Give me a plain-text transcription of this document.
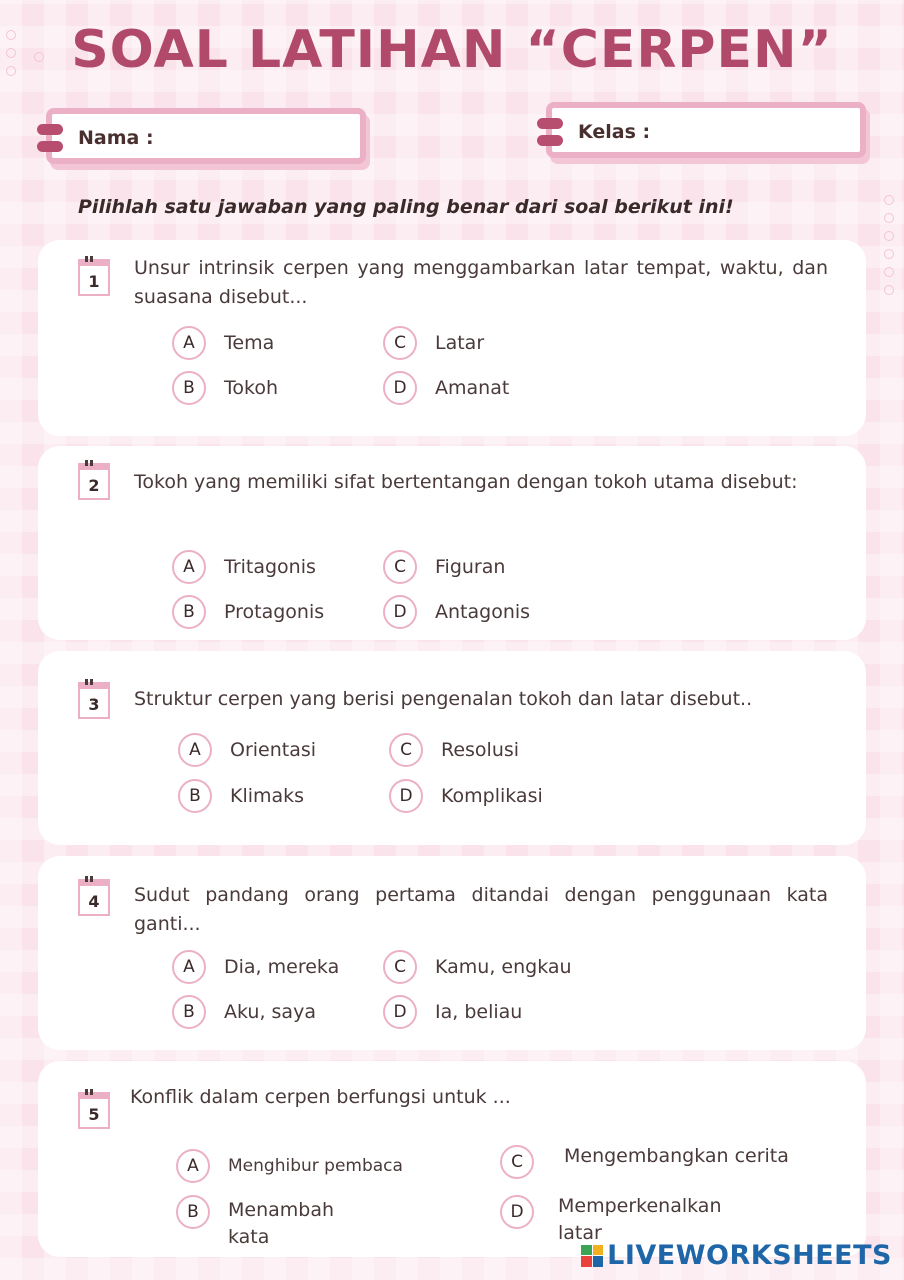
SOAL LATIHAN “CERPEN”
Nama :	Kelas :

Pilihlah satu jawaban yang paling benar dari soal berikut ini!

1

Unsur intrinsik cerpen yang menggambarkan latar tempat, waktu, dan suasana disebut...

A	Tema
B	Tokoh
C	Latar
D	Amanat
2 Tokoh yang memiliki sifat bertentangan dengan tokoh utama disebut:

A	Tritagonis
B	Protagonis
C	Figuran
D	Antagonis
3 Struktur cerpen yang berisi pengenalan tokoh dan latar disebut..

A	Orientasi
B	Klimaks
C	Resolusi
D	Komplikasi
4 Sudut pandang orang pertama ditandai dengan penggunaan kata ganti...

A	Dia, mereka
B	Aku, saya
C	Kamu, engkau
D	Ia, beliau
5

Konflik dalam cerpen berfungsi untuk ...

A	Menghibur pembaca
B	Menambah kata
C	Mengembangkan cerita
D	Memperkenalkan latar
LIVEWORKSHEETS
